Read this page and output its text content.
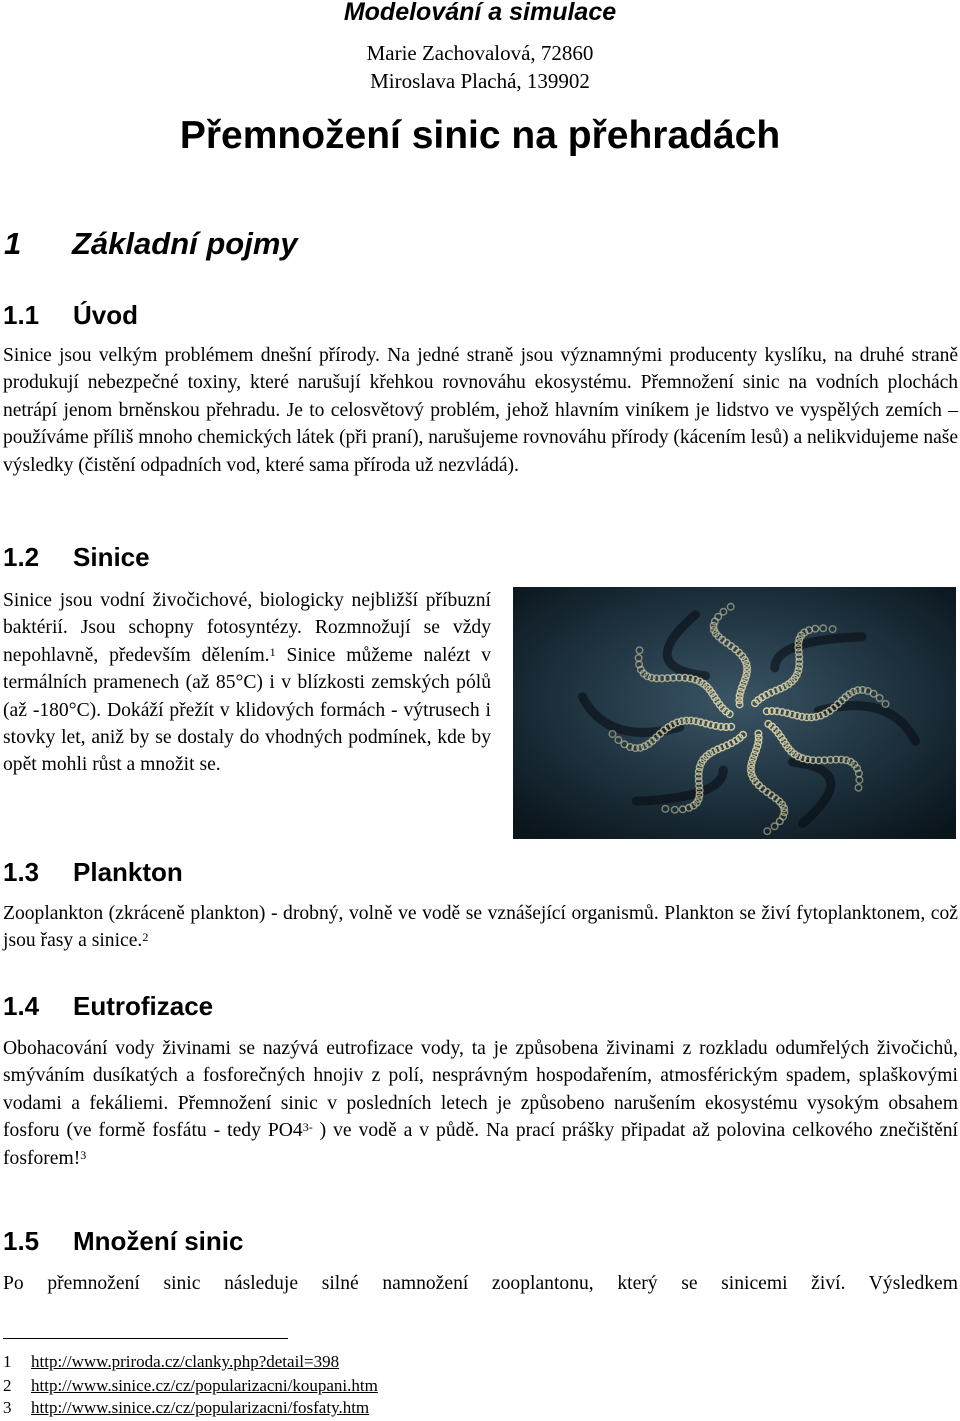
Modelování a simulace
Marie Zachovalová, 72860
Miroslava Plachá, 139902
Přemnožení sinic na přehradách
1 Základní pojmy
1.1 Úvod

Sinice jsou velkým problémem dnešní přírody. Na jedné straně jsou významnými producenty kyslíku, na druhé straně produkují nebezpečné toxiny, které narušují křehkou rovnováhu ekosystému. Přemnožení sinic na vodních plochách netrápí jenom brněnskou přehradu. Je to celosvětový problém, jehož hlavním viníkem je lidstvo ve vyspělých zemích – používáme příliš mnoho chemických látek (při praní), narušujeme rovnováhu přírody (kácením lesů) a nelikvidujeme naše výsledky (čistění odpadních vod, které sama příroda už nezvládá).

1.2 Sinice

Sinice jsou vodní živočichové, biologicky nejbližší příbuzní baktérií. Jsou schopny fotosyntézy. Rozmnožují se vždy nepohlavně, především dělením.$^1$ Sinice můžeme nalézt v termálních pramenech (až 85°C) i v blízkosti zemských pólů (až -180°C). Dokáží přežít v klidových formách - výtrusech i stovky let, aniž by se dostaly do vhodných podmínek, kde by opět mohli růst a množit se.

1.3 Plankton

Zooplankton (zkráceně plankton) - drobný, volně ve vodě se vznášející organismů. Plankton se živí fytoplanktonem, což jsou řasy a sinice.$^2$

1.4 Eutrofizace

Obohacování vody živinami se nazývá eutrofizace vody, ta je způsobena živinami z rozkladu odumřelých živočichů, smýváním dusíkatých a fosforečných hnojiv z polí, nesprávným hospodařením, atmosférickým spadem, splaškovými vodami a fekáliemi. Přemnožení sinic v posledních letech je způsobeno narušením ekosystému vysokým obsahem fosforu (ve formě fosfátu - tedy $PO4^{3-}$ ) ve vodě a v půdě. Na prací prášky připadat až polovina celkového znečištění fosforem!$^3$

1.5 Množení sinic

Po přemnožení sinic následuje silné namnožení zooplantonu, který se sinicemi živí. Výsledkem

1 http://www.priroda.cz/clanky.php?detail=398
2 http://www.sinice.cz/cz/popularizacni/koupani.htm
3 http://www.sinice.cz/cz/popularizacni/fosfaty.htm
